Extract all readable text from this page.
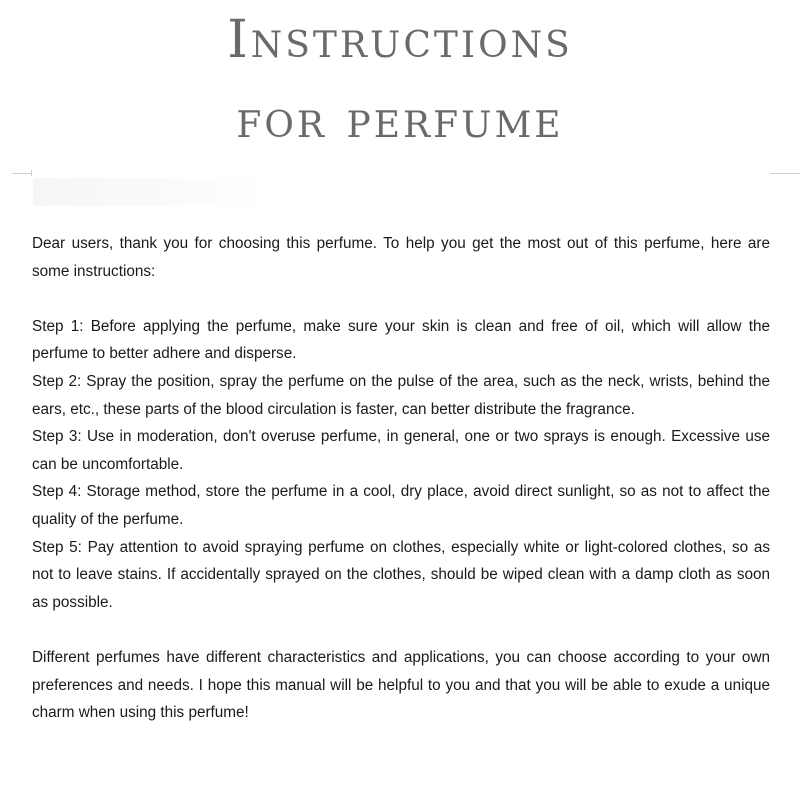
Instructions
for perfume

Dear users, thank you for choosing this perfume. To help you get the most out of this perfume, here are some instructions:

Step 1: Before applying the perfume, make sure your skin is clean and free of oil, which will allow the perfume to better adhere and disperse.

Step 2: Spray the position, spray the perfume on the pulse of the area, such as the neck, wrists, behind the ears, etc., these parts of the blood circulation is faster, can better distribute the fragrance.

Step 3: Use in moderation, don't overuse perfume, in general, one or two sprays is enough. Excessive use can be uncomfortable.

Step 4: Storage method, store the perfume in a cool, dry place, avoid direct sunlight, so as not to affect the quality of the perfume.

Step 5: Pay attention to avoid spraying perfume on clothes, especially white or light-colored clothes, so as not to leave stains. If accidentally sprayed on the clothes, should be wiped clean with a damp cloth as soon as possible.

Different perfumes have different characteristics and applications, you can choose according to your own preferences and needs. I hope this manual will be helpful to you and that you will be able to exude a unique charm when using this perfume!
